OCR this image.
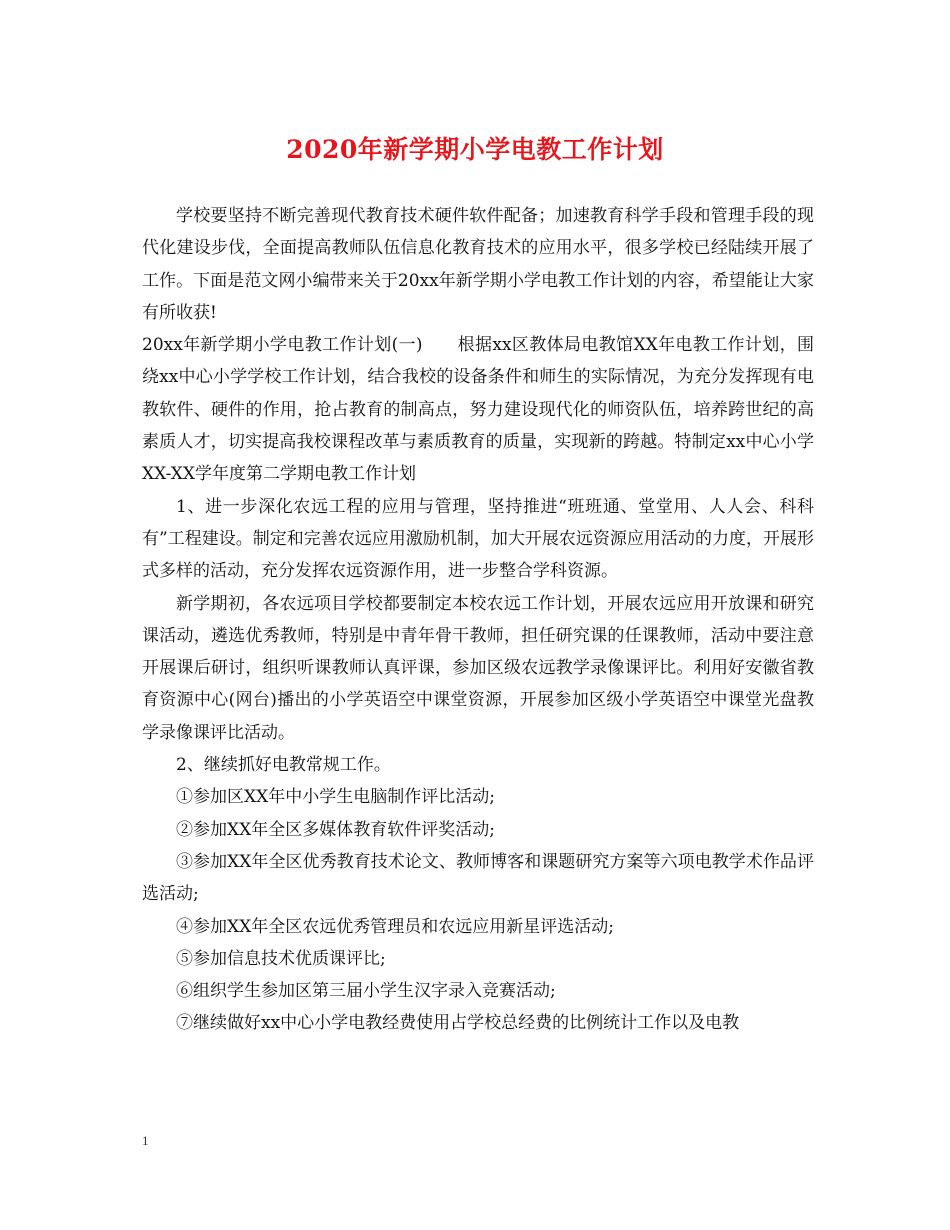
2020年新学期小学电教工作计划

学校要坚持不断完善现代教育技术硬件软件配备；加速教育科学手段和管理手段的现代化建设步伐，全面提高教师队伍信息化教育技术的应用水平，很多学校已经陆续开展了工作。下面是范文网小编带来关于20xx年新学期小学电教工作计划的内容，希望能让大家有所收获!

20xx年新学期小学电教工作计划(一)　　根据xx区教体局电教馆XX年电教工作计划，围绕xx中心小学学校工作计划，结合我校的设备条件和师生的实际情况，为充分发挥现有电教软件、硬件的作用，抢占教育的制高点，努力建设现代化的师资队伍，培养跨世纪的高素质人才，切实提高我校课程改革与素质教育的质量，实现新的跨越。特制定xx中心小学XX-XX学年度第二学期电教工作计划

1、进一步深化农远工程的应用与管理，坚持推进“班班通、堂堂用、人人会、科科有”工程建设。制定和完善农远应用激励机制，加大开展农远资源应用活动的力度，开展形式多样的活动，充分发挥农远资源作用，进一步整合学科资源。

新学期初，各农远项目学校都要制定本校农远工作计划，开展农远应用开放课和研究课活动，遴选优秀教师，特别是中青年骨干教师，担任研究课的任课教师，活动中要注意开展课后研讨，组织听课教师认真评课，参加区级农远教学录像课评比。利用好安徽省教育资源中心(网台)播出的小学英语空中课堂资源，开展参加区级小学英语空中课堂光盘教学录像课评比活动。

2、继续抓好电教常规工作。

①参加区XX年中小学生电脑制作评比活动;

②参加XX年全区多媒体教育软件评奖活动;

③参加XX年全区优秀教育技术论文、教师博客和课题研究方案等六项电教学术作品评选活动;

④参加XX年全区农远优秀管理员和农远应用新星评选活动;

⑤参加信息技术优质课评比;

⑥组织学生参加区第三届小学生汉字录入竞赛活动;

⑦继续做好xx中心小学电教经费使用占学校总经费的比例统计工作以及电教

1
